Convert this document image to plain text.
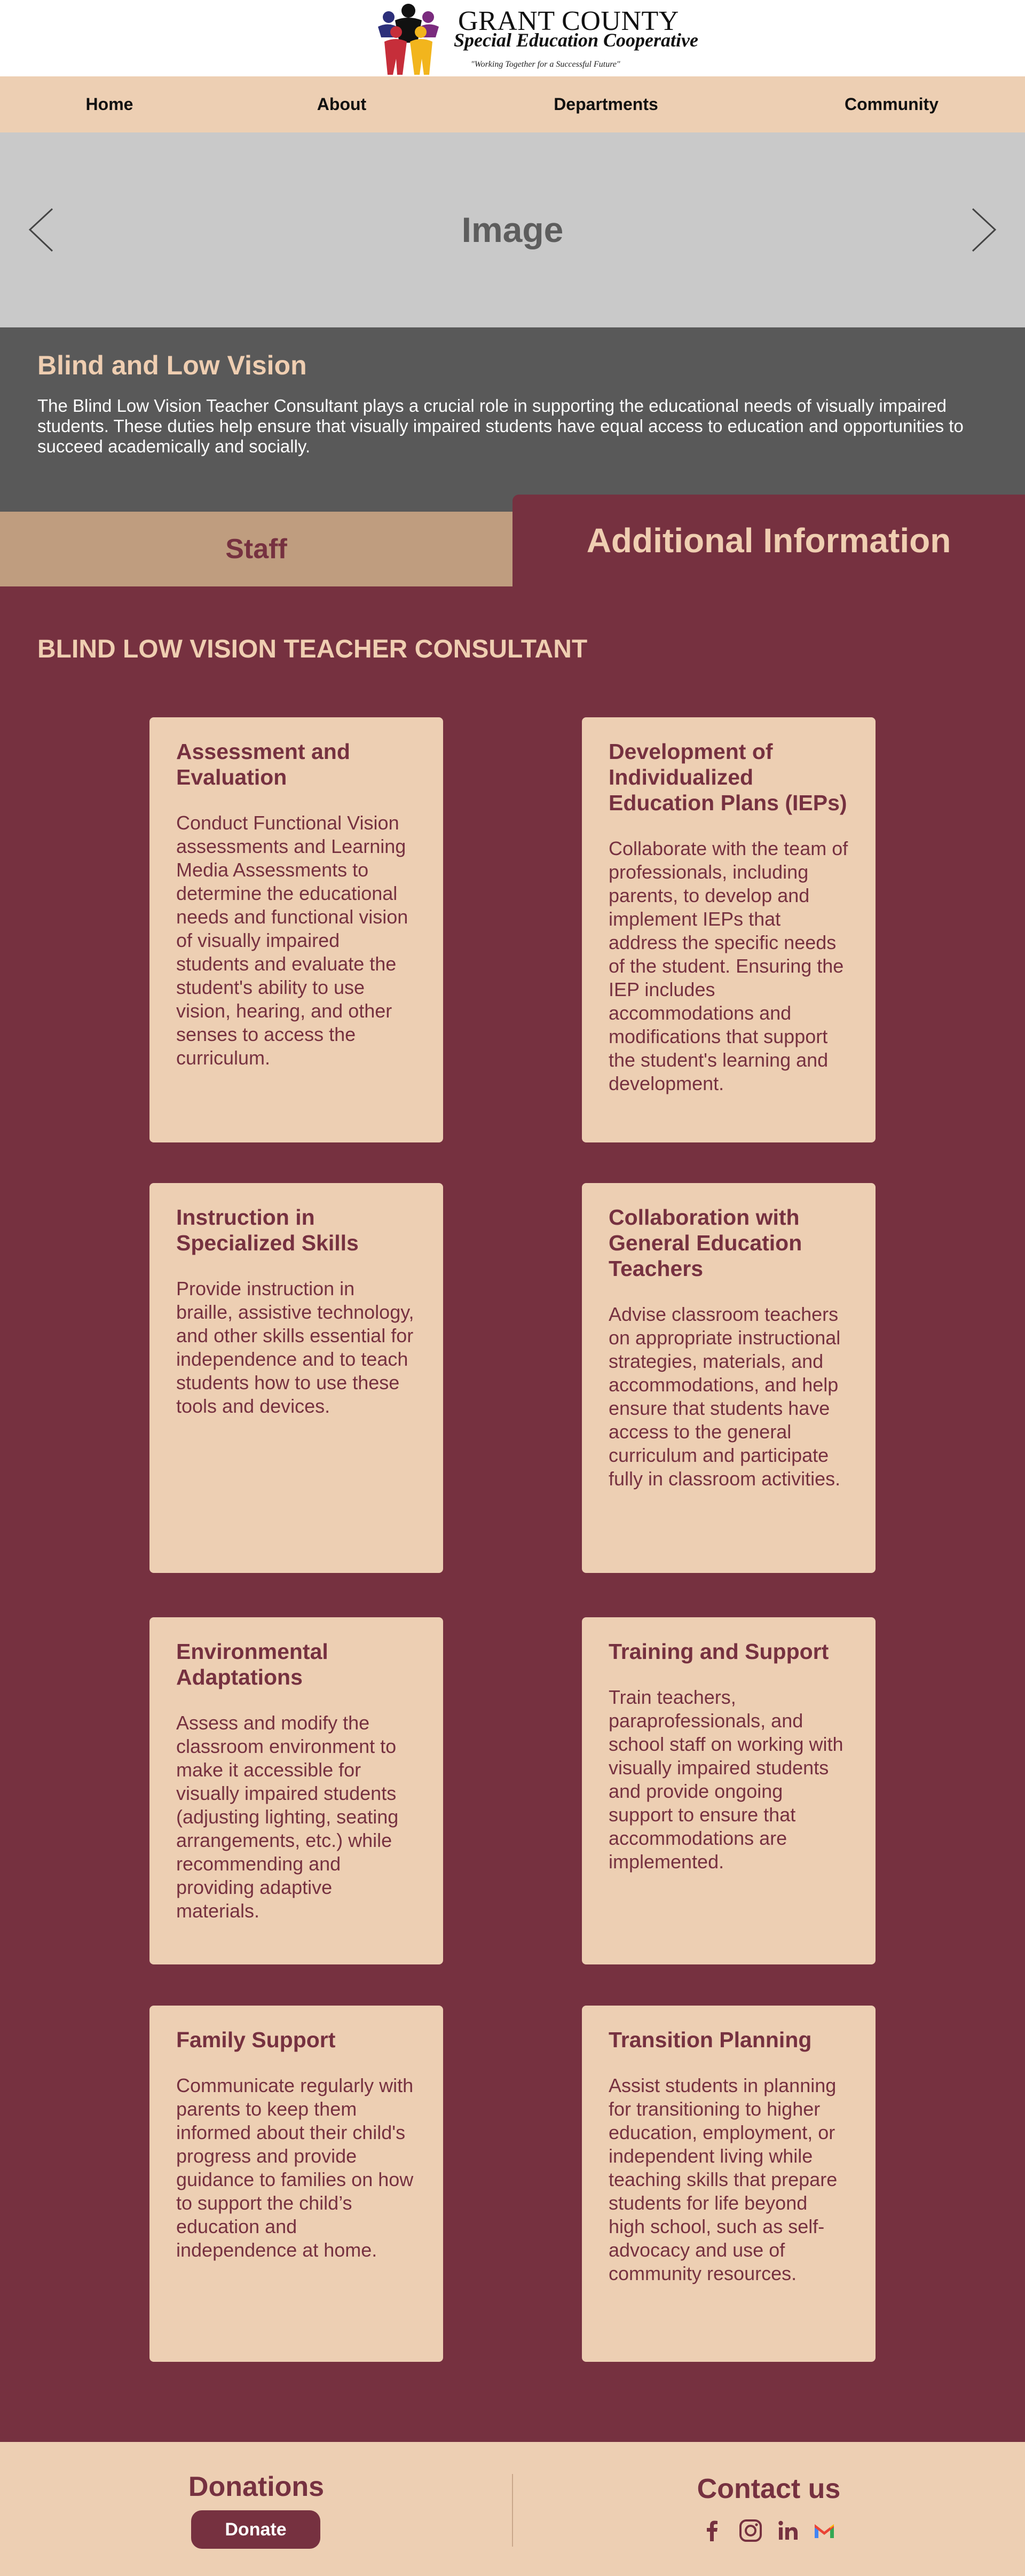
GRANT COUNTY
Special Education Cooperative
"Working Together for a Successful Future"
Home	About	Departments	Community
Image
Blind and Low Vision
The Blind Low Vision Teacher Consultant plays a crucial role in supporting the educational needs of visually impaired students. These duties help ensure that visually impaired students have equal access to education and opportunities to succeed academically and socially.
Staff	Additional Information
BLIND LOW VISION TEACHER CONSULTANT
Assessment and Evaluation
Conduct Functional Vision assessments and Learning Media Assessments to determine the educational needs and functional vision of visually impaired students and evaluate the student's ability to use vision, hearing, and other senses to access the curriculum.
Development of Individualized Education Plans (IEPs)
Collaborate with the team of professionals, including parents, to develop and implement IEPs that address the specific needs of the student. Ensuring the IEP includes accommodations and modifications that support the student's learning and development.
Instruction in Specialized Skills
Provide instruction in braille, assistive technology, and other skills essential for independence and to teach students how to use these tools and devices.
Collaboration with General Education Teachers
Advise classroom teachers on appropriate instructional strategies, materials, and accommodations, and help ensure that students have access to the general curriculum and participate fully in classroom activities.
Environmental Adaptations
Assess and modify the classroom environment to make it accessible for visually impaired students (adjusting lighting, seating arrangements, etc.) while recommending and providing adaptive materials.
Training and Support
Train teachers, paraprofessionals, and school staff on working with visually impaired students and provide ongoing support to ensure that accommodations are implemented.
Family Support
Communicate regularly with parents to keep them informed about their child's progress and provide guidance to families on how to support the child’s education and independence at home.
Transition Planning
Assist students in planning for transitioning to higher education, employment, or independent living while teaching skills that prepare students for life beyond high school, such as self-advocacy and use of community resources.
Donations
Donate
Contact us
